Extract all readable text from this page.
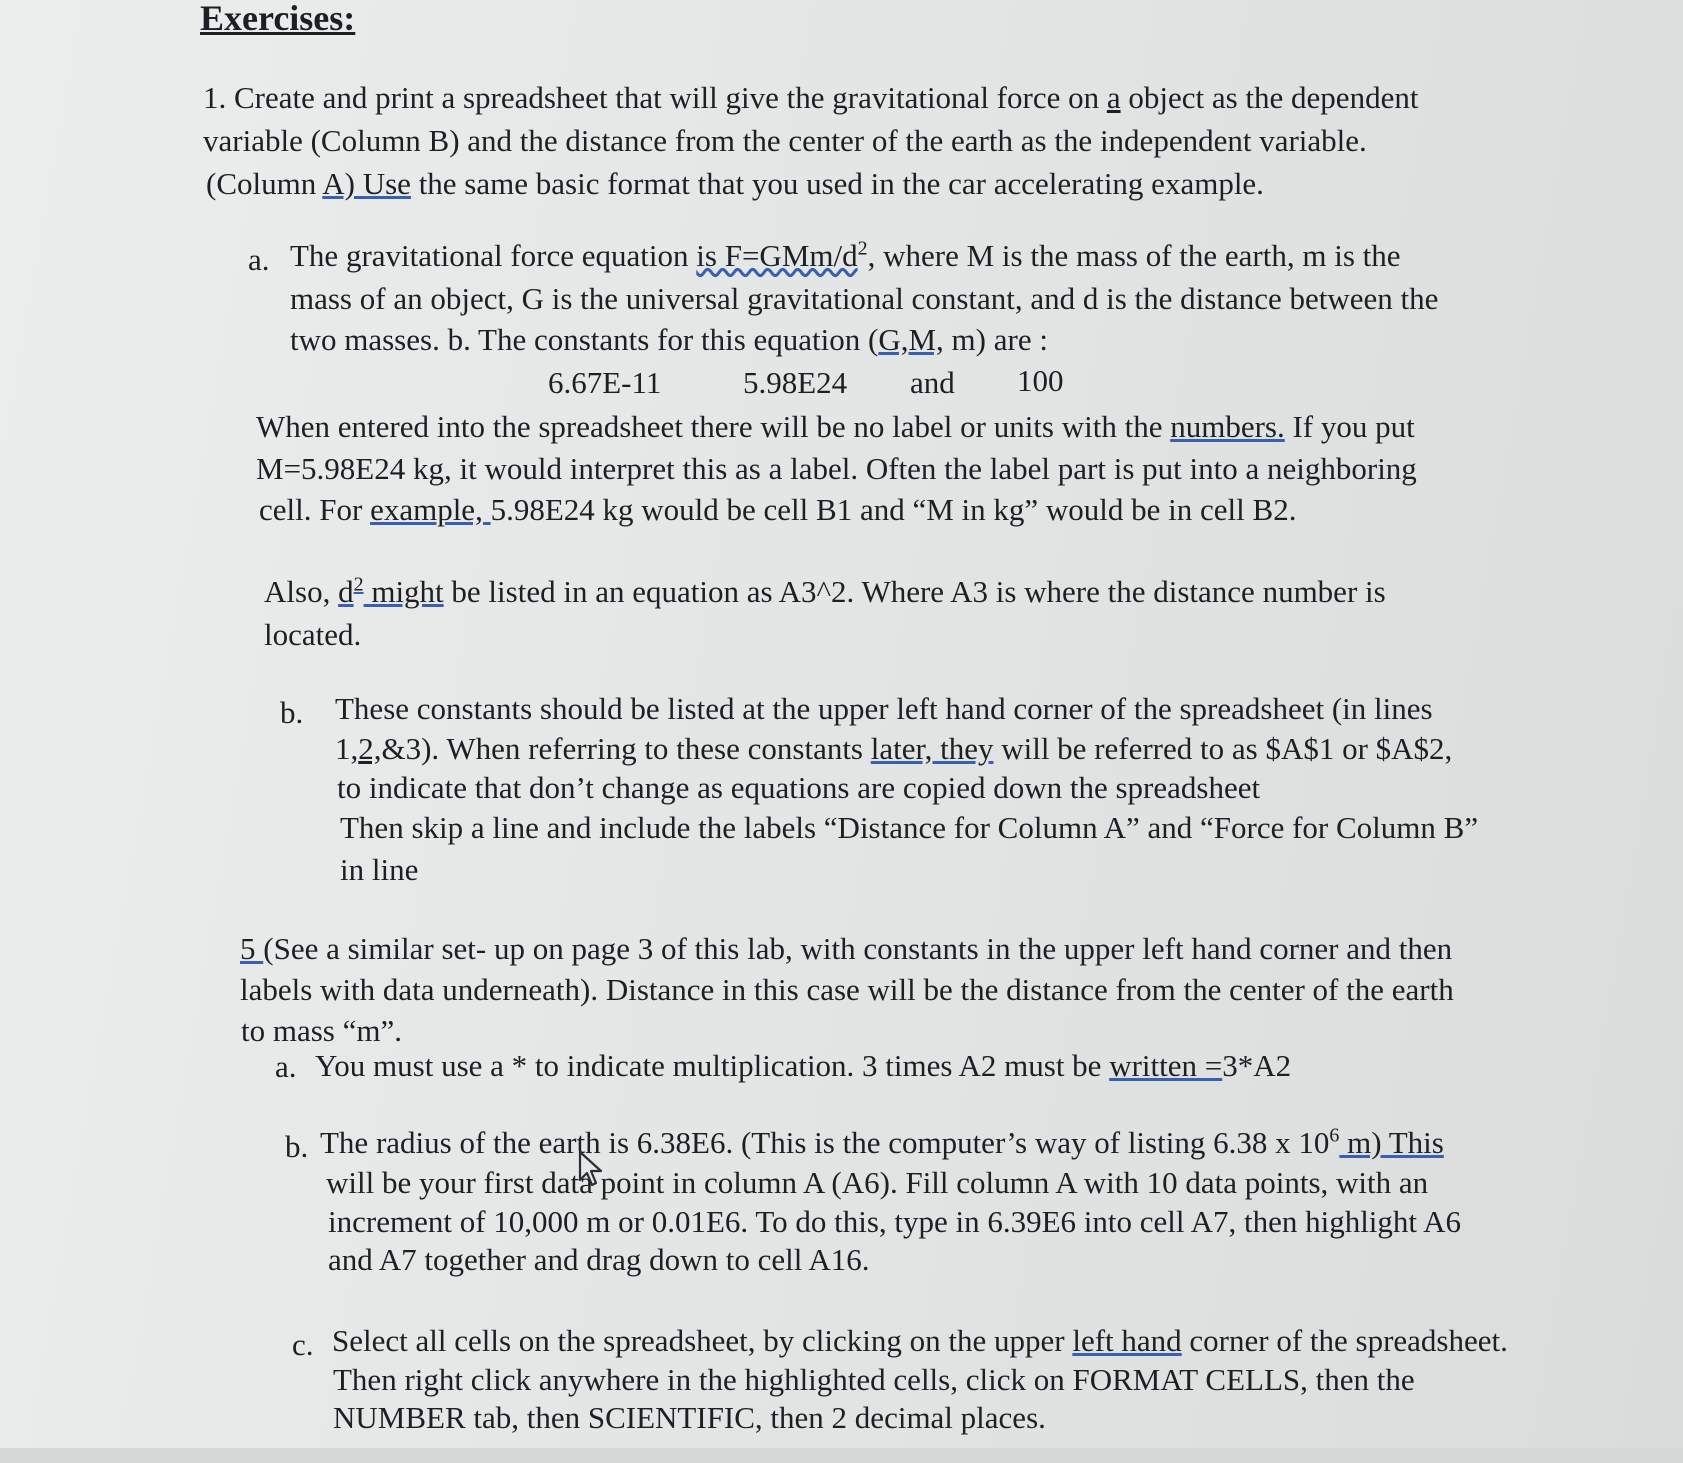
Exercises:
1. Create and print a spreadsheet that will give the gravitational force on a object as the dependent
variable (Column B) and the distance from the center of the earth as the independent variable.
(Column A) Use the same basic format that you used in the car accelerating example.
a. The gravitational force equation is $F=GMm/d^2$, where M is the mass of the earth, m is the
mass of an object, G is the universal gravitational constant, and d is the distance between the
two masses. b. The constants for this equation (G,M, m) are :
6.67E-11	5.98E24 and 100
When entered into the spreadsheet there will be no label or units with the numbers. If you put
M=5.98E24 kg, it would interpret this as a label. Often the label part is put into a neighboring
cell. For example, 5.98E24 kg would be cell B1 and “M in kg” would be in cell B2.
Also, $d^2$ might be listed in an equation as A3^2. Where A3 is where the distance number is
located.
b. These constants should be listed at the upper left hand corner of the spreadsheet (in lines
1,2,&3). When referring to these constants later, they will be referred to as $A$1 or $A$2,
to indicate that don’t change as equations are copied down the spreadsheet
Then skip a line and include the labels “Distance for Column A” and “Force for Column B”
in line
5 (See a similar set- up on page 3 of this lab, with constants in the upper left hand corner and then
labels with data underneath). Distance in this case will be the distance from the center of the earth
to mass “m”.
a. You must use a * to indicate multiplication. 3 times A2 must be written =3*A2
b. The radius of the earth is 6.38E6. (This is the computer’s way of listing 6.38 x $10^6$ m) This
will be your first data point in column A (A6). Fill column A with 10 data points, with an
increment of 10,000 m or 0.01E6. To do this, type in 6.39E6 into cell A7, then highlight A6
and A7 together and drag down to cell A16.
c. Select all cells on the spreadsheet, by clicking on the upper left hand corner of the spreadsheet.
Then right click anywhere in the highlighted cells, click on FORMAT CELLS, then the
NUMBER tab, then SCIENTIFIC, then 2 decimal places.
